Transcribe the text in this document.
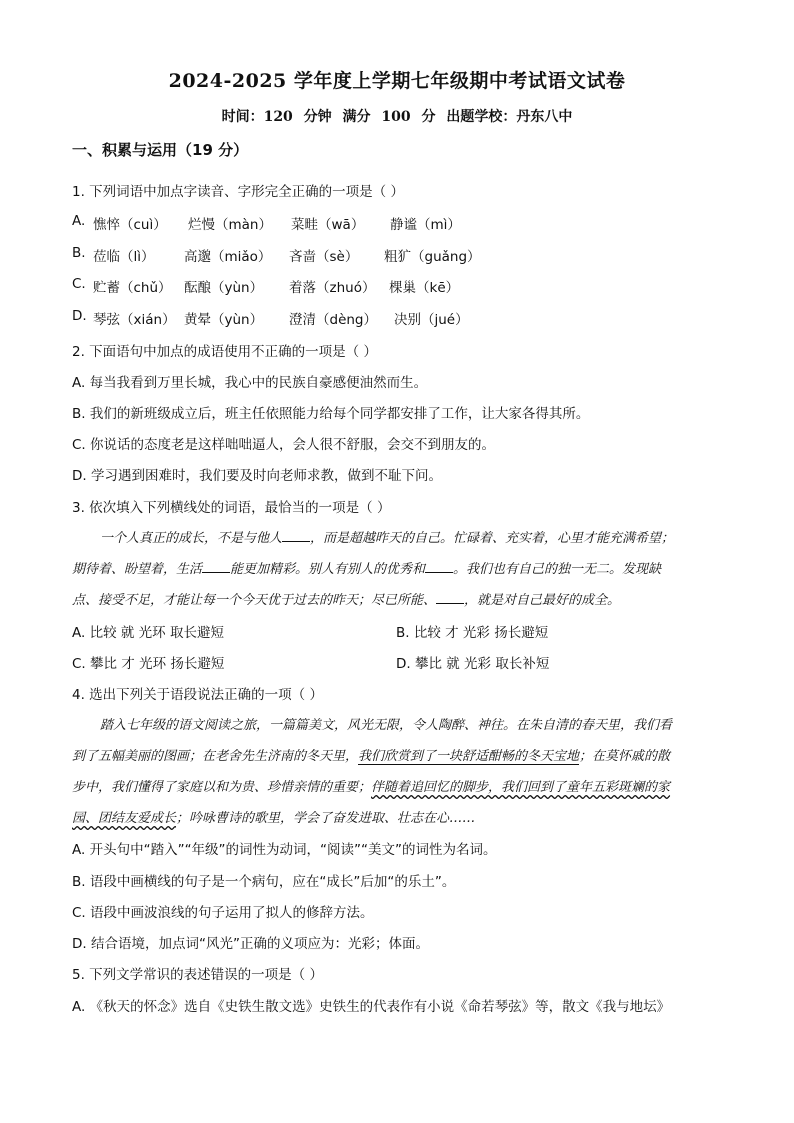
2024-2025 学年度上学期七年级期中考试语文试卷
时间：120 分钟 满分 100 分 出题学校：丹东八中
一、积累与运用（19 分）
1. 下列词语中加点字读音、字形完全正确的一项是（ ）
A. 憔悴（cuì） 烂慢（màn） 菜畦（wā） 静谧（mì）
B. 莅临（lì） 高邈（miǎo） 吝啬（sè） 粗犷（guǎng）
C. 贮蓄（chǔ） 酝酿（yùn） 着落（zhuó） 棵巢（kē）
D. 琴弦（xián） 黄晕（yùn） 澄清（dèng） 决别（jué）
2. 下面语句中加点的成语使用不正确的一项是（ ）
A. 每当我看到万里长城，我心中的民族自豪感便油然而生。
B. 我们的新班级成立后，班主任依照能力给每个同学都安排了工作，让大家各得其所。
C. 你说话的态度老是这样咄咄逼人，会人很不舒服，会交不到朋友的。
D. 学习遇到困难时，我们要及时向老师求教，做到不耻下问。
3. 依次填入下列横线处的词语，最恰当的一项是（ ）
一个人真正的成长，不是与他人 ，而是超越昨天的自己。忙碌着、充实着，心里才能充满希望；
期待着、盼望着，生活 能更加精彩。别人有别人的优秀和 。我们也有自己的独一无二。发现缺
点、接受不足，才能让每一个今天优于过去的昨天；尽已所能、 ，就是对自己最好的成全。
A. 比较 就 光环 取长避短	B. 比较 才 光彩 扬长避短
C. 攀比 才 光环 扬长避短	D. 攀比 就 光彩 取长补短
4. 选出下列关于语段说法正确的一项（ ）
踏入七年级的语文阅读之旅，一篇篇美文，风光无限，令人陶醉、神往。在朱自清的春天里，我们看
到了五幅美丽的图画；在老舍先生济南的冬天里，我们欣赏到了一块舒适酣畅的冬天宝地；在莫怀戚的散
步中，我们懂得了家庭以和为贵、珍惜亲情的重要；伴随着追回忆的脚步，我们回到了童年五彩斑斓的家
园、团结友爱成长；吟咏曹诗的歌里，学会了奋发进取、壮志在心……
A. 开头句中“踏入”“年级”的词性为动词，“阅读”“美文”的词性为名词。
B. 语段中画横线的句子是一个病句，应在“成长”后加“的乐土”。
C. 语段中画波浪线的句子运用了拟人的修辞方法。
D. 结合语境，加点词“风光”正确的义项应为：光彩；体面。
5. 下列文学常识的表述错误的一项是（ ）
A. 《秋天的怀念》选自《史铁生散文选》史铁生的代表作有小说《命若琴弦》等，散文《我与地坛》
